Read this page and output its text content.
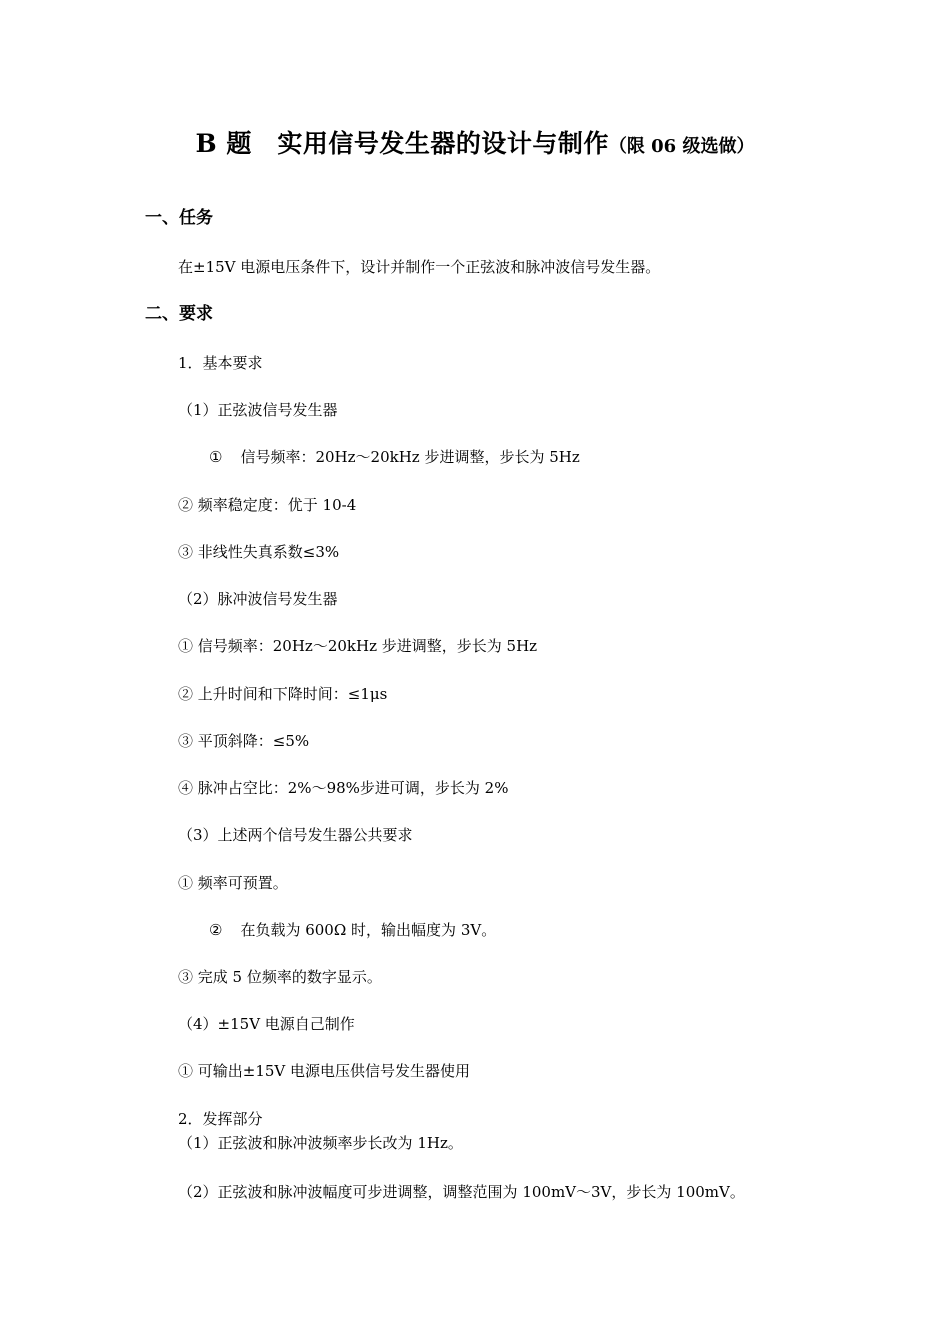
B 题　实用信号发生器的设计与制作（限 06 级选做）
一、任务
在±15V 电源电压条件下，设计并制作一个正弦波和脉冲波信号发生器。
二、要求
1．基本要求
（1）正弦波信号发生器
① 信号频率：20Hz～20kHz 步进调整，步长为 5Hz
② 频率稳定度：优于 10-4
③ 非线性失真系数≤3%
（2）脉冲波信号发生器
① 信号频率：20Hz～20kHz 步进调整，步长为 5Hz
② 上升时间和下降时间：≤1μs
③ 平顶斜降：≤5%
④ 脉冲占空比：2%～98%步进可调，步长为 2%
（3）上述两个信号发生器公共要求
① 频率可预置。
② 在负载为 600Ω 时，输出幅度为 3V。
③ 完成 5 位频率的数字显示。
（4）±15V 电源自己制作
① 可输出±15V 电源电压供信号发生器使用
2．发挥部分
（1）正弦波和脉冲波频率步长改为 1Hz。
（2）正弦波和脉冲波幅度可步进调整，调整范围为 100mV～3V，步长为 100mV。
